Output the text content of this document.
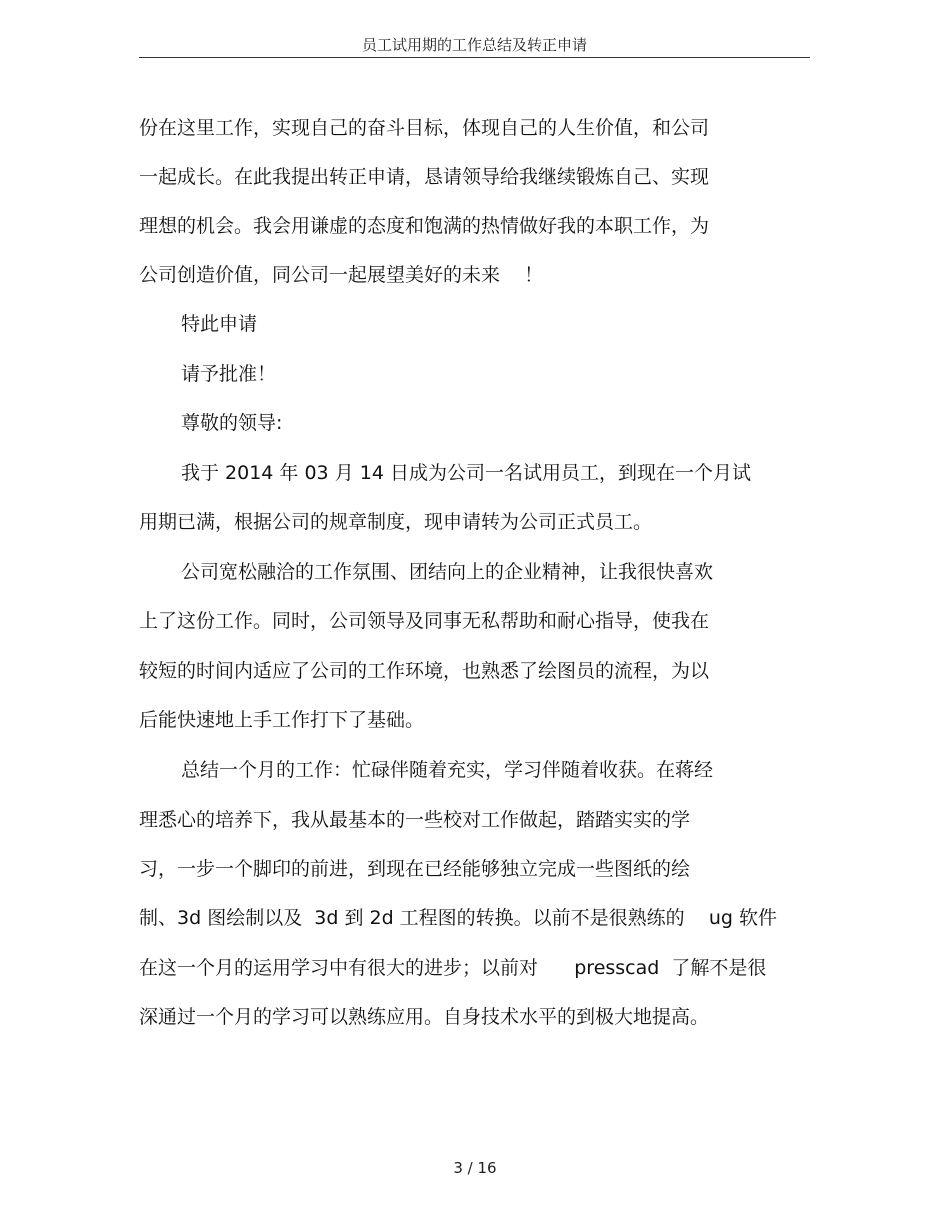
员工试用期的工作总结及转正申请
份在这里工作，实现自己的奋斗目标，体现自己的人生价值，和公司
一起成长。在此我提出转正申请，恳请领导给我继续锻炼自己、实现
理想的机会。我会用谦虚的态度和饱满的热情做好我的本职工作，为
公司创造价值，同公司一起展望美好的未来    ！
特此申请
请予批准！
尊敬的领导:
我于 2014 年 03 月 14 日成为公司一名试用员工，到现在一个月试
用期已满，根据公司的规章制度，现申请转为公司正式员工。
公司宽松融洽的工作氛围、团结向上的企业精神，让我很快喜欢
上了这份工作。同时，公司领导及同事无私帮助和耐心指导，使我在
较短的时间内适应了公司的工作环境，也熟悉了绘图员的流程，为以
后能快速地上手工作打下了基础。
总结一个月的工作：忙碌伴随着充实，学习伴随着收获。在蒋经
理悉心的培养下，我从最基本的一些校对工作做起，踏踏实实的学
习，一步一个脚印的前进，到现在已经能够独立完成一些图纸的绘
制、3d 图绘制以及  3d 到 2d 工程图的转换。以前不是很熟练的    ug 软件
在这一个月的运用学习中有很大的进步；以前对      presscad  了解不是很
深通过一个月的学习可以熟练应用。自身技术水平的到极大地提高。
3 / 16
